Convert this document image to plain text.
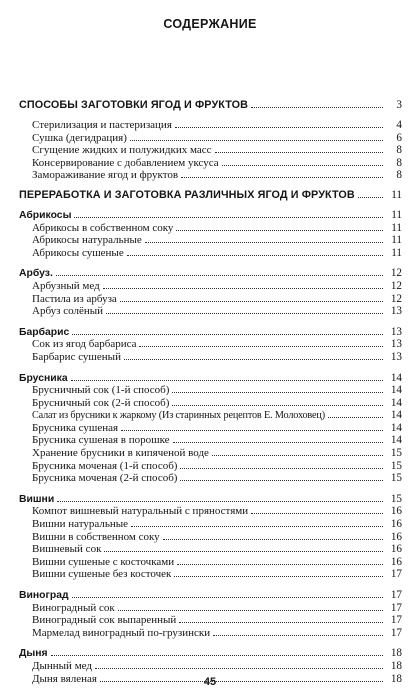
СОДЕРЖАНИЕ
СПОСОБЫ ЗАГОТОВКИ ЯГОД И ФРУКТОВ	3
Стерилизация и пастеризация	4
Сушка (дегидрация)	6
Сгущение жидких и полужидких масс	8
Консервирование с добавлением уксуса	8
Замораживание ягод и фруктов	8
ПЕРЕРАБОТКА И ЗАГОТОВКА РАЗЛИЧНЫХ ЯГОД И ФРУКТОВ	11
Абрикосы	11
Абрикосы в собственном соку	11
Абрикосы натуральные	11
Абрикосы сушеные	11
Арбуз.	12
Арбузный мед	12
Пастила из арбуза	12
Арбуз солёный	13
Барбарис	13
Сок из ягод барбариса	13
Барбарис сушеный	13
Брусника	14
Брусничный сок (1-й способ)	14
Брусничный сок (2-й способ)	14
Салат из брусники к жаркому (Из старинных рецептов Е. Молоховец)	14
Брусника сушеная	14
Брусника сушеная в порошке	14
Хранение брусники в кипяченой воде	15
Брусника моченая (1-й способ)	15
Брусника моченая (2-й способ)	15
Вишни	15
Компот вишневый натуральный с пряностями	16
Вишни натуральные	16
Вишни в собственном соку	16
Вишневый сок	16
Вишни сушеные с косточками	16
Вишни сушеные без косточек	17
Виноград	17
Виноградный сок	17
Виноградный сок выпаренный	17
Мармелад виноградный по-грузински	17
Дыня	18
Дынный мед	18
Дыня вяленая	18
45
